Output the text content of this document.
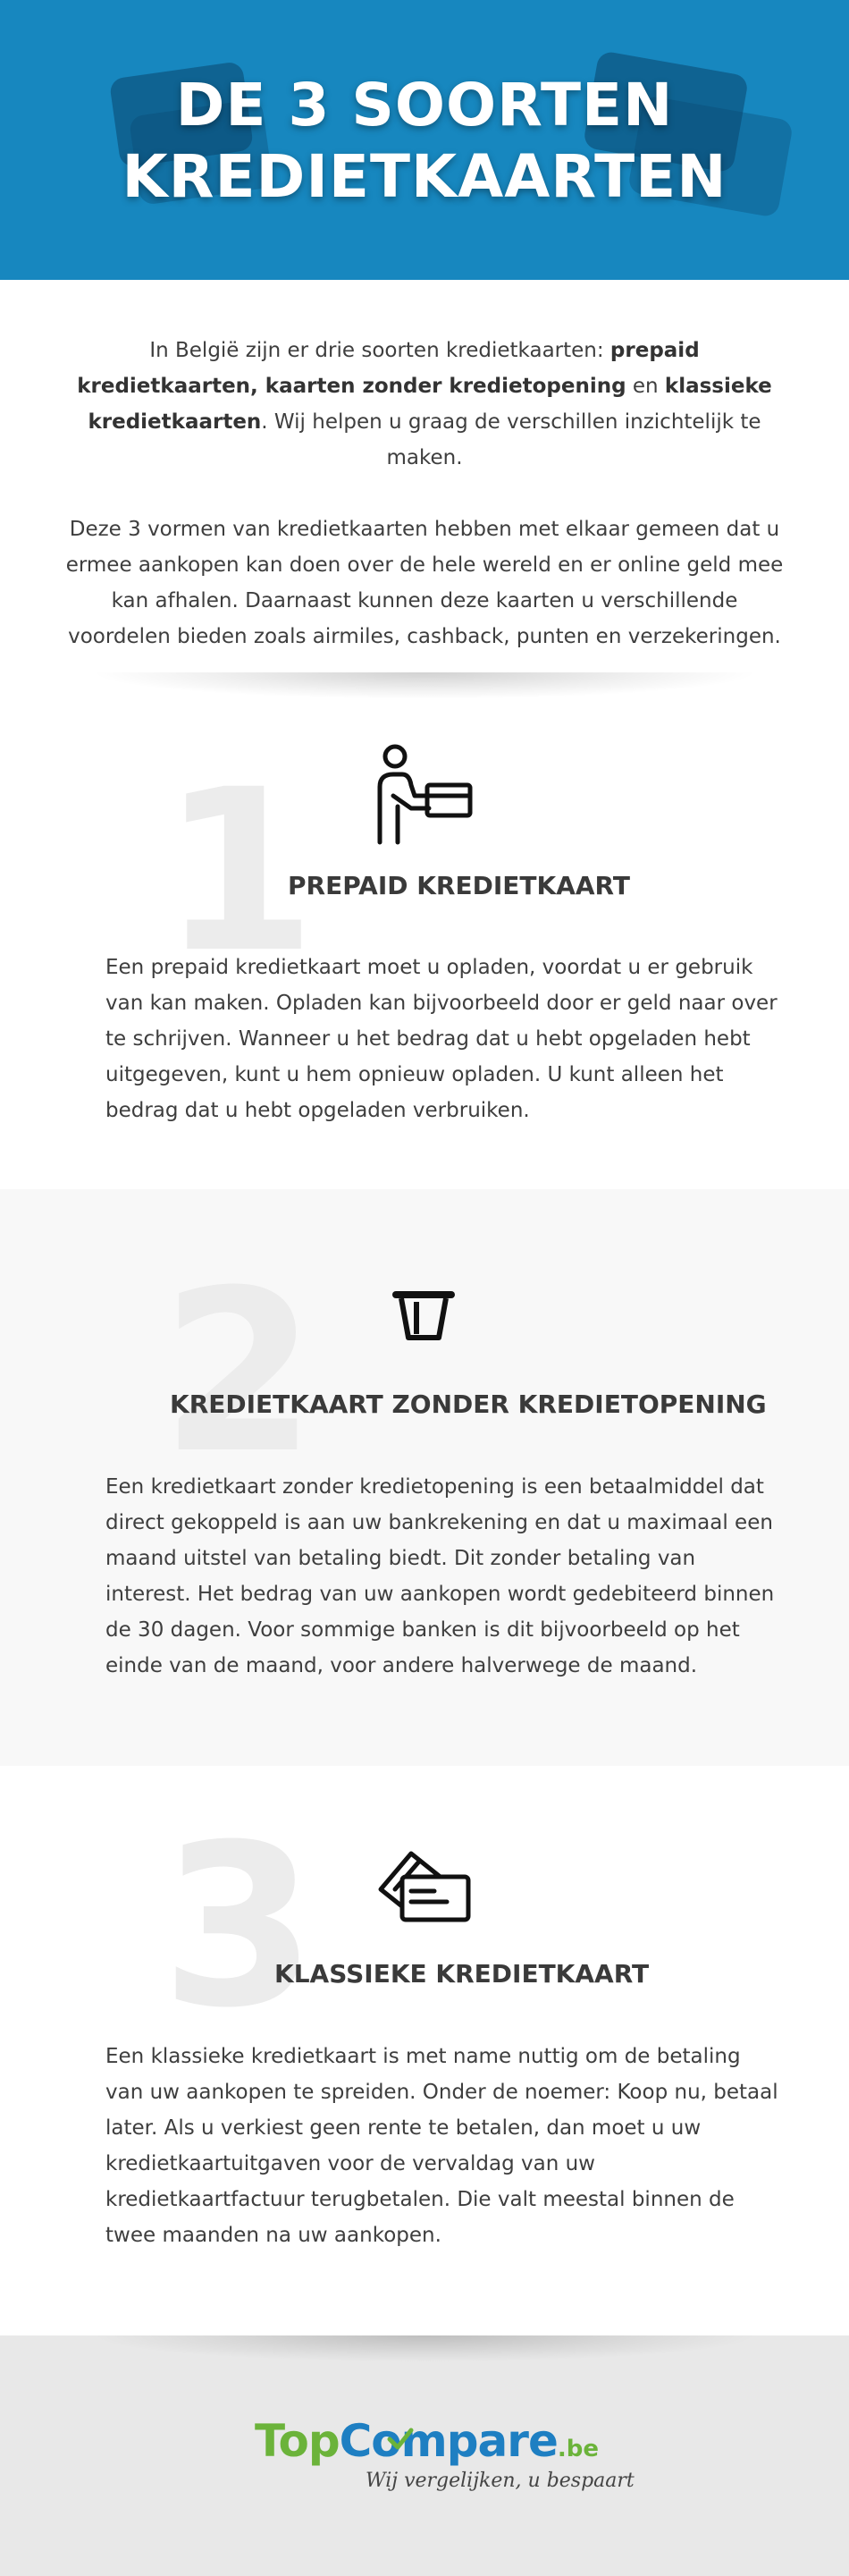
DE 3 SOORTEN
KREDIETKAARTEN

In België zijn er drie soorten kredietkaarten: prepaid kredietkaarten, kaarten zonder kredietopening en klassieke kredietkaarten. Wij helpen u graag de verschillen inzichtelijk te maken.

Deze 3 vormen van kredietkaarten hebben met elkaar gemeen dat u ermee aankopen kan doen over de hele wereld en er online geld mee kan afhalen. Daarnaast kunnen deze kaarten u verschillende voordelen bieden zoals airmiles, cashback, punten en verzekeringen.

1
PREPAID KREDIETKAART

Een prepaid kredietkaart moet u opladen, voordat u er gebruik van kan maken. Opladen kan bijvoorbeeld door er geld naar over te schrijven. Wanneer u het bedrag dat u hebt opgeladen hebt uitgegeven, kunt u hem opnieuw opladen. U kunt alleen het bedrag dat u hebt opgeladen verbruiken.

2
KREDIETKAART ZONDER KREDIETOPENING

Een kredietkaart zonder kredietopening is een betaalmiddel dat direct gekoppeld is aan uw bankrekening en dat u maximaal een maand uitstel van betaling biedt. Dit zonder betaling van interest. Het bedrag van uw aankopen wordt gedebiteerd binnen de 30 dagen. Voor sommige banken is dit bijvoorbeeld op het einde van de maand, voor andere halverwege de maand.

3
KLASSIEKE KREDIETKAART

Een klassieke kredietkaart is met name nuttig om de betaling van uw aankopen te spreiden. Onder de noemer: Koop nu, betaal later. Als u verkiest geen rente te betalen, dan moet u uw kredietkaartuitgaven voor de vervaldag van uw kredietkaartfactuur terugbetalen. Die valt meestal binnen de twee maanden na uw aankopen.

TopCompare.be
Wij vergelijken, u bespaart
